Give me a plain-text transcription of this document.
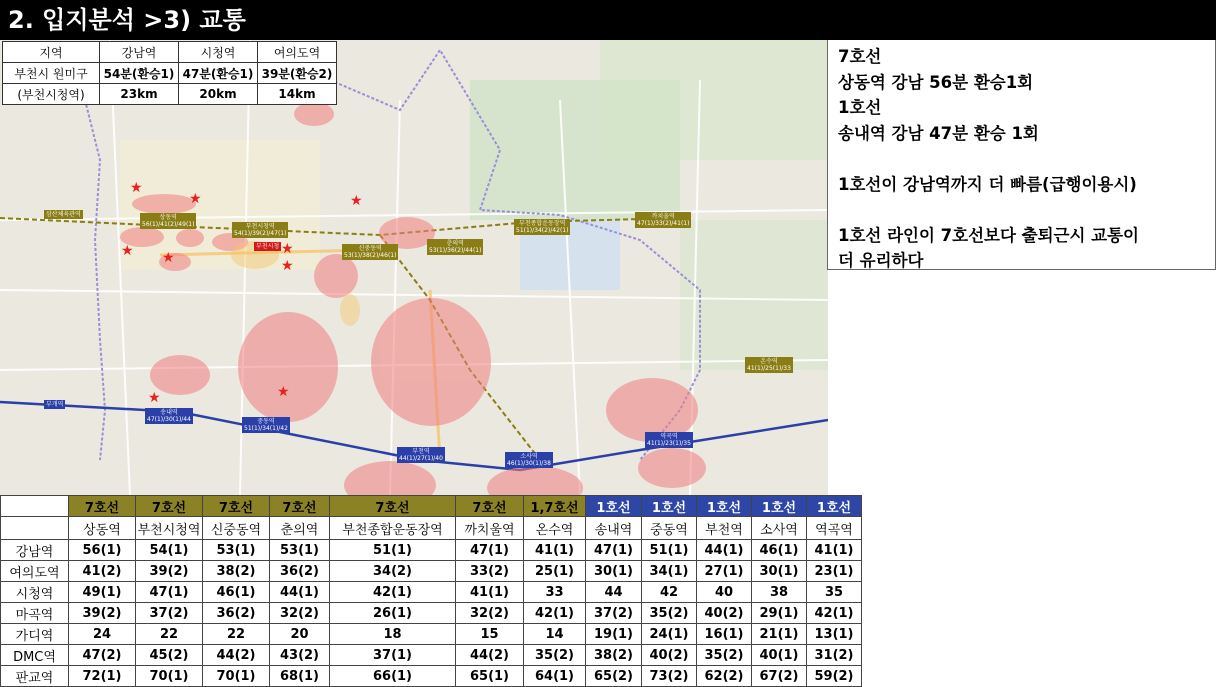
2. 입지분석 >3) 교통
★
★	★
★ ★
★
★
★
★
삼산체육관역	상동역
56(1)/41(2)/49(1)	부천시청역
54(1)/39(2)/47(1)
부천시청	신중동역
53(1)/38(2)/46(1)
춘의역
53(1)/36(2)/44(1)
부천종합운동장역
51(1)/34(2)/42(1)
까치울역
47(1)/33(2)/41(1)
온수역
41(1)/25(1)/33
부개역
송내역
47(1)/30(1)/44	중동역
51(1)/34(1)/42
부천역
44(1)/27(1)/40	소사역
46(1)/30(1)/38
역곡역
41(1)/23(1)/35
지역	강남역	시청역	여의도역
부천시 원미구	54분(환승1)	47분(환승1)	39분(환승2)
(부천시청역)	23km	20km	14km
7호선
상동역 강남 56분 환승1회
1호선
송내역 강남 47분 환승 1회
1호선이 강남역까지 더 빠름(급행이용시)
1호선 라인이 7호선보다 출퇴근시 교통이
더 유리하다
	7호선	7호선	7호선	7호선	7호선	7호선	1,7호선	1호선	1호선	1호선	1호선	1호선
	상동역	부천시청역	신중동역	춘의역	부천종합운동장역	까치울역	온수역	송내역	중동역	부천역	소사역	역곡역
강남역	56(1)	54(1)	53(1)	53(1)	51(1)	47(1)	41(1)	47(1)	51(1)	44(1)	46(1)	41(1)
여의도역	41(2)	39(2)	38(2)	36(2)	34(2)	33(2)	25(1)	30(1)	34(1)	27(1)	30(1)	23(1)
시청역	49(1)	47(1)	46(1)	44(1)	42(1)	41(1)	33	44	42	40	38	35
마곡역	39(2)	37(2)	36(2)	32(2)	26(1)	32(2)	42(1)	37(2)	35(2)	40(2)	29(1)	42(1)
가디역	24	22	22	20	18	15	14	19(1)	24(1)	16(1)	21(1)	13(1)
DMC역	47(2)	45(2)	44(2)	43(2)	37(1)	44(2)	35(2)	38(2)	40(2)	35(2)	40(1)	31(2)
판교역	72(1)	70(1)	70(1)	68(1)	66(1)	65(1)	64(1)	65(2)	73(2)	62(2)	67(2)	59(2)
